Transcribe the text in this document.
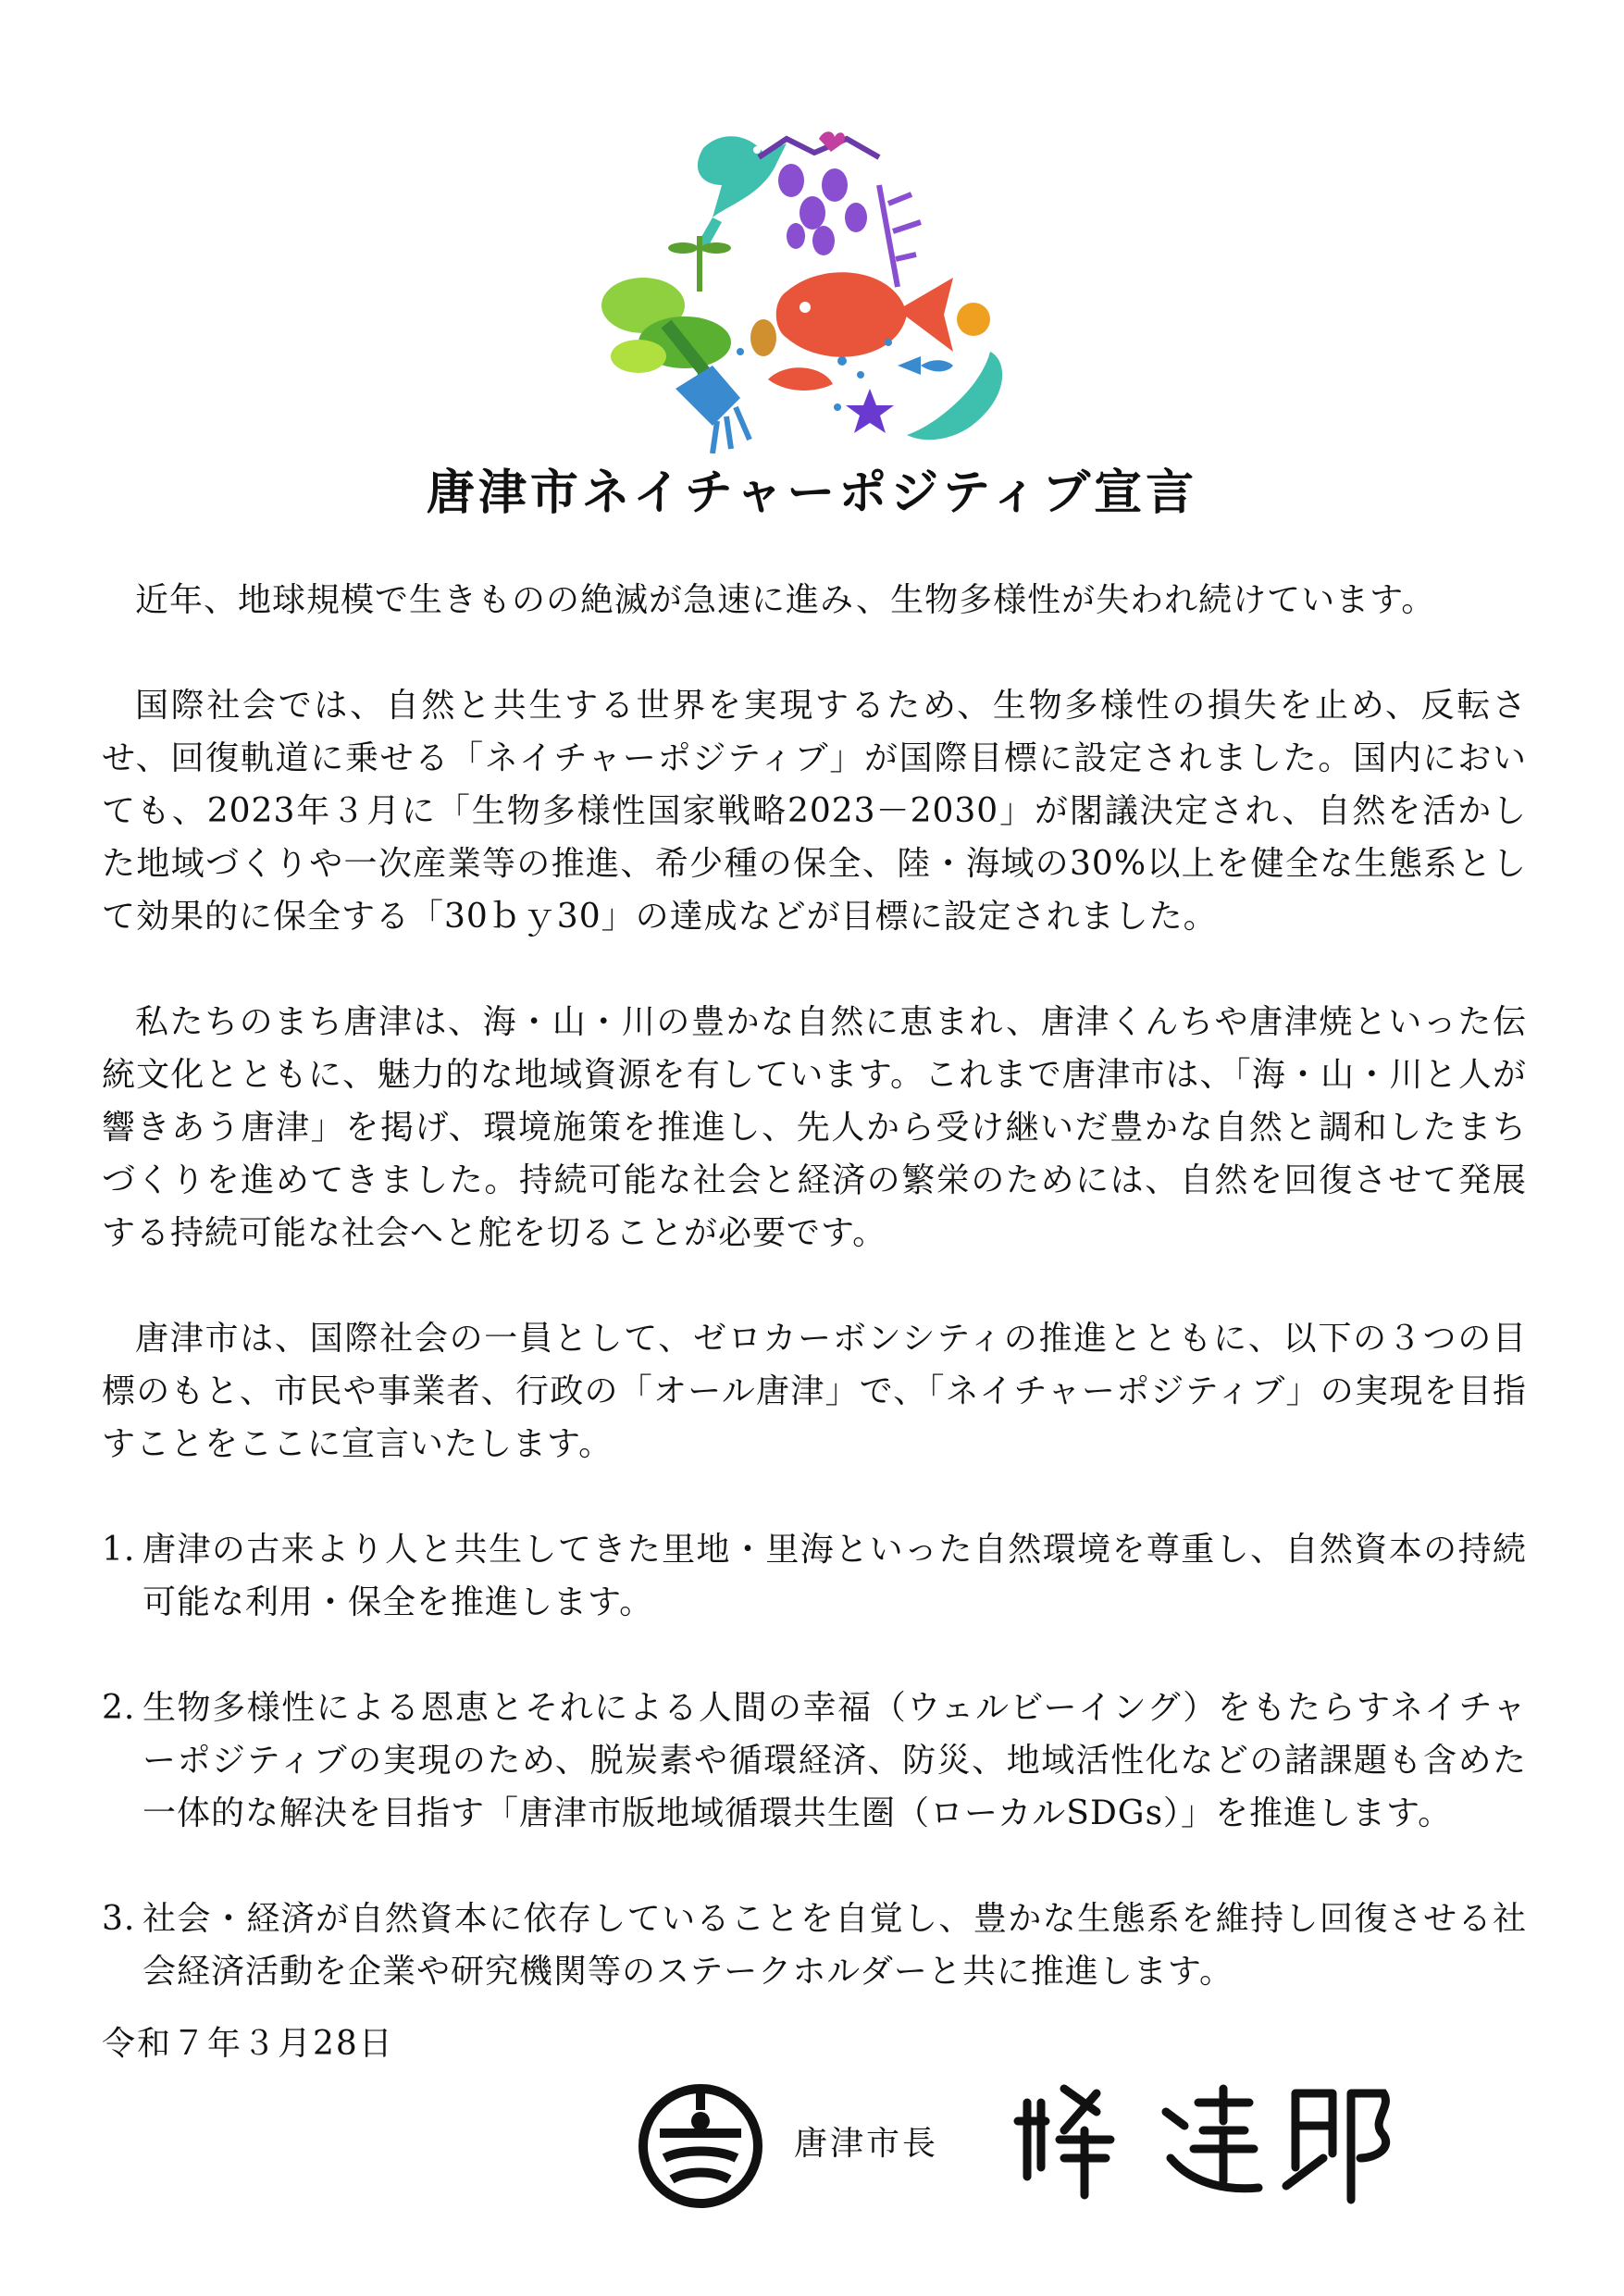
唐津市ネイチャーポジティブ宣言

近年、地球規模で生きものの絶滅が急速に進み、生物多様性が失われ続けています。

国際社会では、自然と共生する世界を実現するため、生物多様性の損失を止め、反転させ、回復軌道に乗せる「ネイチャーポジティブ」が国際目標に設定されました。国内においても、2023年３月に「生物多様性国家戦略2023－2030」が閣議決定され、自然を活かした地域づくりや一次産業等の推進、希少種の保全、陸・海域の30%以上を健全な生態系として効果的に保全する「30ｂｙ30」の達成などが目標に設定されました。

私たちのまち唐津は、海・山・川の豊かな自然に恵まれ、唐津くんちや唐津焼といった伝統文化とともに、魅力的な地域資源を有しています。これまで唐津市は、「海・山・川と人が響きあう唐津」を掲げ、環境施策を推進し、先人から受け継いだ豊かな自然と調和したまちづくりを進めてきました。持続可能な社会と経済の繁栄のためには、自然を回復させて発展する持続可能な社会へと舵を切ることが必要です。

唐津市は、国際社会の一員として、ゼロカーボンシティの推進とともに、以下の３つの目標のもと、市民や事業者、行政の「オール唐津」で、「ネイチャーポジティブ」の実現を目指すことをここに宣言いたします。

1. 唐津の古来より人と共生してきた里地・里海といった自然環境を尊重し、自然資本の持続可能な利用・保全を推進します。

2. 生物多様性による恩恵とそれによる人間の幸福（ウェルビーイング）をもたらすネイチャーポジティブの実現のため、脱炭素や循環経済、防災、地域活性化などの諸課題も含めた一体的な解決を目指す「唐津市版地域循環共生圏（ローカルSDGs）」を推進します。

3. 社会・経済が自然資本に依存していることを自覚し、豊かな生態系を維持し回復させる社会経済活動を企業や研究機関等のステークホルダーと共に推進します。

令和７年３月28日
唐津市長
